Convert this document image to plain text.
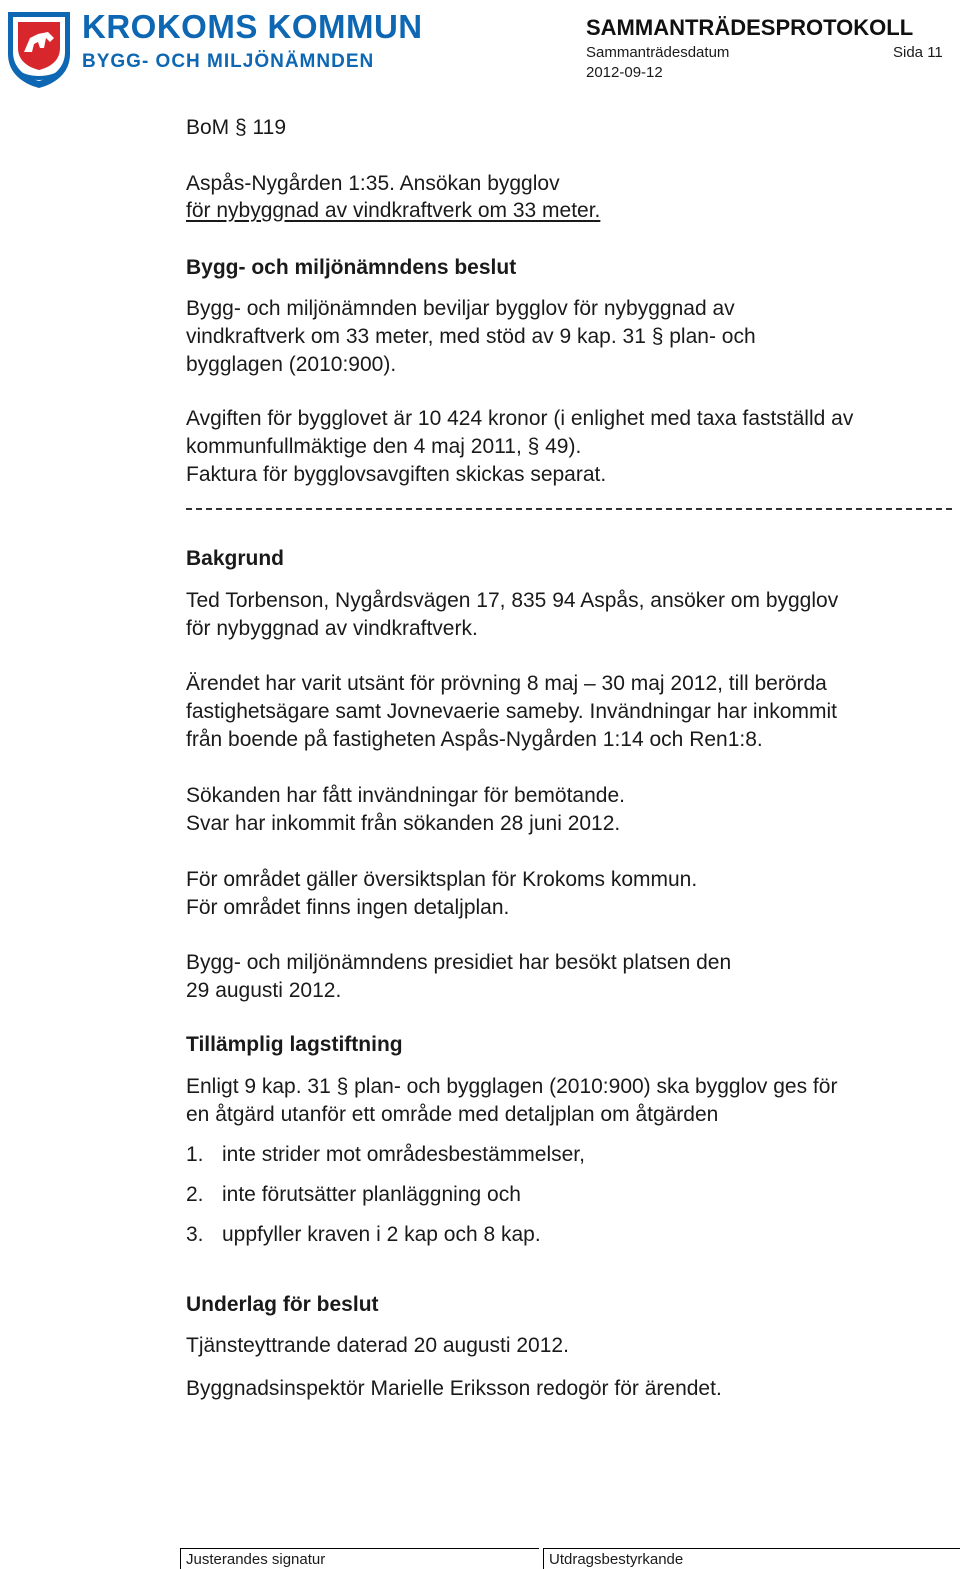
KROKOMS KOMMUN
BYGG- OCH MILJÖNÄMNDEN
SAMMANTRÄDESPROTOKOLL
Sammanträdesdatum	Sida 11
2012-09-12
BoM § 119
Aspås-Nygården 1:35. Ansökan bygglov
för nybyggnad av vindkraftverk om 33 meter.
Bygg- och miljönämndens beslut
Bygg- och miljönämnden beviljar bygglov för nybyggnad av
vindkraftverk om 33 meter, med stöd av 9 kap. 31 § plan- och
bygglagen (2010:900).
Avgiften för bygglovet är 10 424 kronor (i enlighet med taxa fastställd av
kommunfullmäktige den 4 maj 2011, § 49).
Faktura för bygglovsavgiften skickas separat.
Bakgrund
Ted Torbenson, Nygårdsvägen 17, 835 94 Aspås, ansöker om bygglov
för nybyggnad av vindkraftverk.
Ärendet har varit utsänt för prövning 8 maj – 30 maj 2012, till berörda
fastighetsägare samt Jovnevaerie sameby. Invändningar har inkommit
från boende på fastigheten Aspås-Nygården 1:14 och Ren1:8.
Sökanden har fått invändningar för bemötande.
Svar har inkommit från sökanden 28 juni 2012.
För området gäller översiktsplan för Krokoms kommun.
För området finns ingen detaljplan.
Bygg- och miljönämndens presidiet har besökt platsen den
29 augusti 2012.
Tillämplig lagstiftning
Enligt 9 kap. 31 § plan- och bygglagen (2010:900) ska bygglov ges för
en åtgärd utanför ett område med detaljplan om åtgärden
1. inte strider mot områdesbestämmelser,
2. inte förutsätter planläggning och
3. uppfyller kraven i 2 kap och 8 kap.
Underlag för beslut
Tjänsteyttrande daterad 20 augusti 2012.
Byggnadsinspektör Marielle Eriksson redogör för ärendet.
Justerandes signatur	Utdragsbestyrkande
